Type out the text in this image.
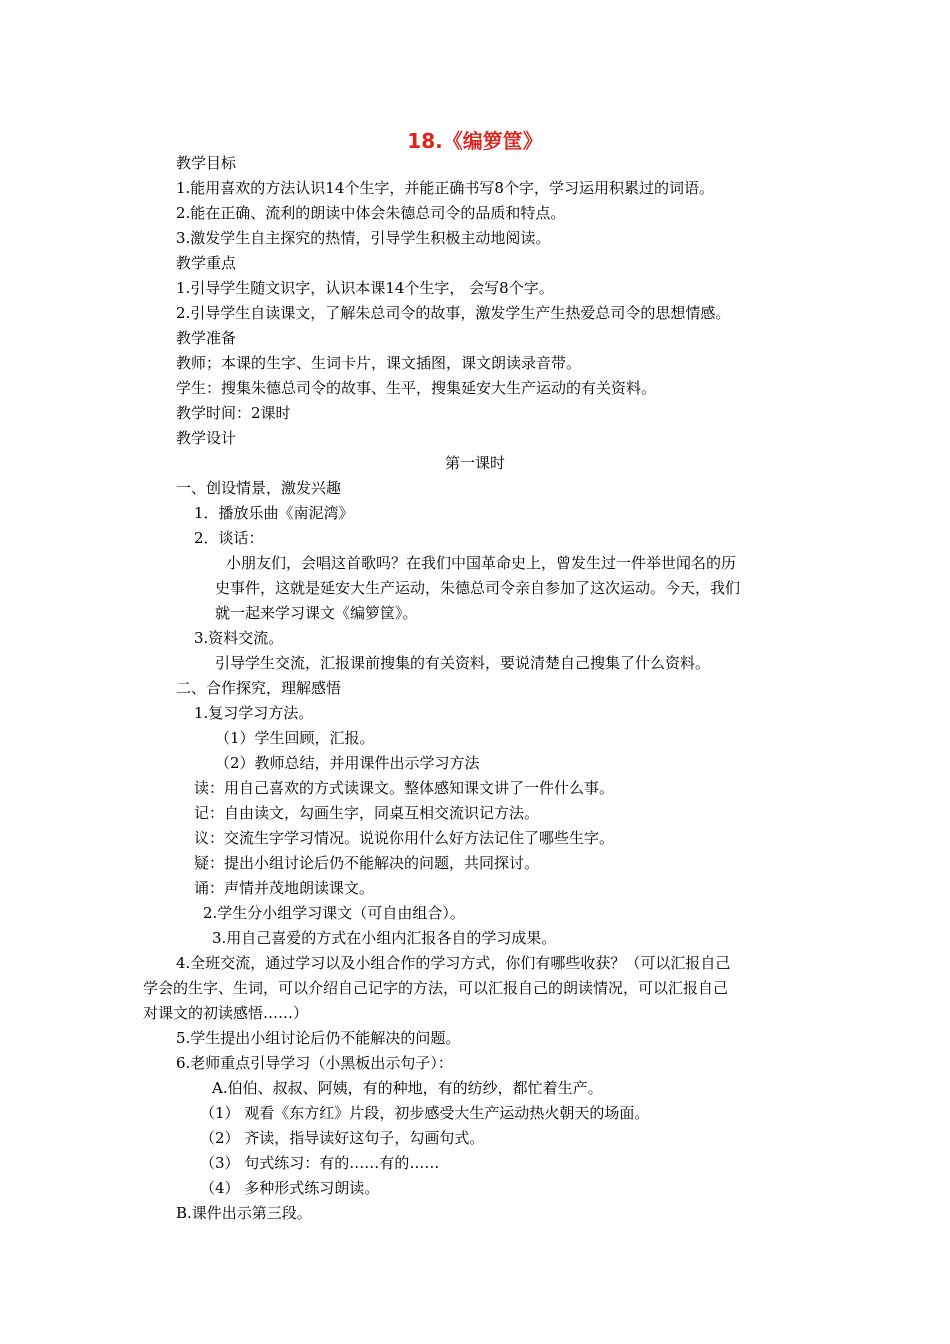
18.《编箩筐》
教学目标
1.能用喜欢的方法认识14个生字，并能正确书写8个字，学习运用积累过的词语。
2.能在正确、流利的朗读中体会朱德总司令的品质和特点。
3.激发学生自主探究的热情，引导学生积极主动地阅读。
教学重点
1.引导学生随文识字，认识本课14个生字， 会写8个字。
2.引导学生自读课文，了解朱总司令的故事，激发学生产生热爱总司令的思想情感。
教学准备
教师；本课的生字、生词卡片，课文插图，课文朗读录音带。
学生：搜集朱德总司令的故事、生平，搜集延安大生产运动的有关资料。
教学时间：2课时
教学设计
第一课时
一、创设情景，激发兴趣
1．播放乐曲《南泥湾》
2．谈话：
小朋友们，会唱这首歌吗？在我们中国革命史上，曾发生过一件举世闻名的历
史事件，这就是延安大生产运动，朱德总司令亲自参加了这次运动。今天，我们
就一起来学习课文《编箩筐》。
3.资料交流。
引导学生交流，汇报课前搜集的有关资料，要说清楚自己搜集了什么资料。
二、合作探究，理解感悟
1.复习学习方法。
（1）学生回顾，汇报。
（2）教师总结，并用课件出示学习方法
读：用自己喜欢的方式读课文。整体感知课文讲了一件什么事。
记：自由读文，勾画生字，同桌互相交流识记方法。
议：交流生字学习情况。说说你用什么好方法记住了哪些生字。
疑：提出小组讨论后仍不能解决的问题，共同探讨。
诵：声情并茂地朗读课文。
2.学生分小组学习课文（可自由组合）。
3.用自己喜爱的方式在小组内汇报各自的学习成果。
4.全班交流，通过学习以及小组合作的学习方式，你们有哪些收获？（可以汇报自己
学会的生字、生词，可以介绍自己记字的方法，可以汇报自己的朗读情况，可以汇报自己
对课文的初读感悟……）
5.学生提出小组讨论后仍不能解决的问题。
6.老师重点引导学习（小黑板出示句子）：
A.伯伯、叔叔、阿姨，有的种地，有的纺纱，都忙着生产。
（1） 观看《东方红》片段，初步感受大生产运动热火朝天的场面。
（2） 齐读，指导读好这句子，勾画句式。
（3） 句式练习：有的……有的……
（4） 多种形式练习朗读。
B.课件出示第三段。
